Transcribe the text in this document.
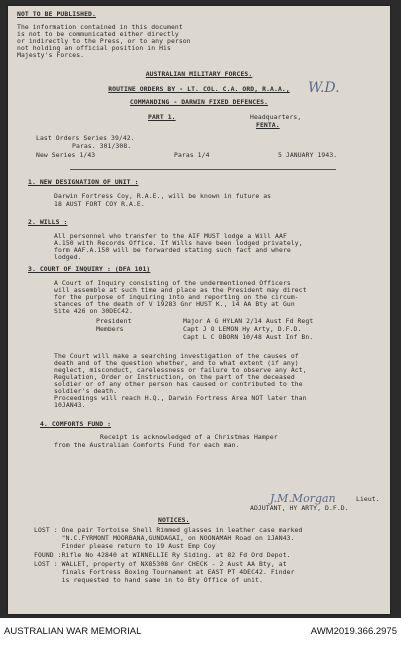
NOT TO BE PUBLISHED.
The information contained in this document
is not to be communicated either directly
or indirectly to the Press, or to any person
not holding an official position in His
Majesty's Forces.
W.D.
AUSTRALIAN MILITARY FORCES.
ROUTINE ORDERS BY - LT. COL. C.A. ORD, R.A.A.,
COMMANDING - DARWIN FIXED DEFENCES.
PART 1.	Headquarters,
FENTA.
Last Orders Series 39/42.
Paras. 301/308.
New Series 1/43	Paras 1/4	5 JANUARY 1943.
1. NEW DESIGNATION OF UNIT :
Darwin Fortress Coy, R.A.E., will be known in future as
18 AUST FORT COY R.A.E.
2. WILLS :
All personnel who transfer to the AIF MUST lodge a Will AAF
A.150 with Records Office. If Wills have been lodged privately,
form AAF.A.150 will be forwarded stating such fact and where
lodged.
3. COURT OF INQUIRY : (DFA 101)
A Court of Inquiry consisting of the undermentioned Officers
will assemble at such time and place as the President may direct
for the purpose of inquiring into and reporting on the circum-
stances of the death of V 19283 Gnr HUST K., 14 AA Bty at Gun
Site 426 on 30DEC42.
President	Major A G HYLAN 2/14 Aust Fd Regt
Members	Capt J O LEMON Hy Arty, D.F.D.
Capt L C OBORN 10/48 Aust Inf Bn.
The Court will make a searching investigation of the causes of
death and of the question whether, and to what extent (if any)
neglect, misconduct, carelessness or failure to observe any Act,
Regulation, Order or Instruction, on the part of the deceased
soldier or of any other person has caused or contributed to the
soldier's death.
Proceedings will reach H.Q., Darwin Fortress Area NOT later than
10JAN43.
4. COMFORTS FUND :
Receipt is acknowledged of a Christmas Hamper
from the Australian Comforts Fund for each man.
J.M.Morgan	Lieut.
ADJUTANT, HY ARTY, D.F.D.
NOTICES.
LOST : One pair Tortoise Shell Rimmed glasses in leather case marked
"N.C.FYRMONT MOORBANA,GUNDAGAI, on NOONAMAH Road on 1JAN43.
Finder please return to 19 Aust Emp Coy
FOUND :Rifle No 42840 at WINNELLIE Ry Siding. at 82 Fd Ord Depot.
LOST : WALLET, property of NX85308 Gnr CHECK - 2 Aust AA Bty, at
finals Fortress Boxing Tournament at EAST PT 4DEC42. Finder
is requested to hand same in to Bty Office of unit.
AUSTRALIAN WAR MEMORIAL	AWM2019.366.2975
